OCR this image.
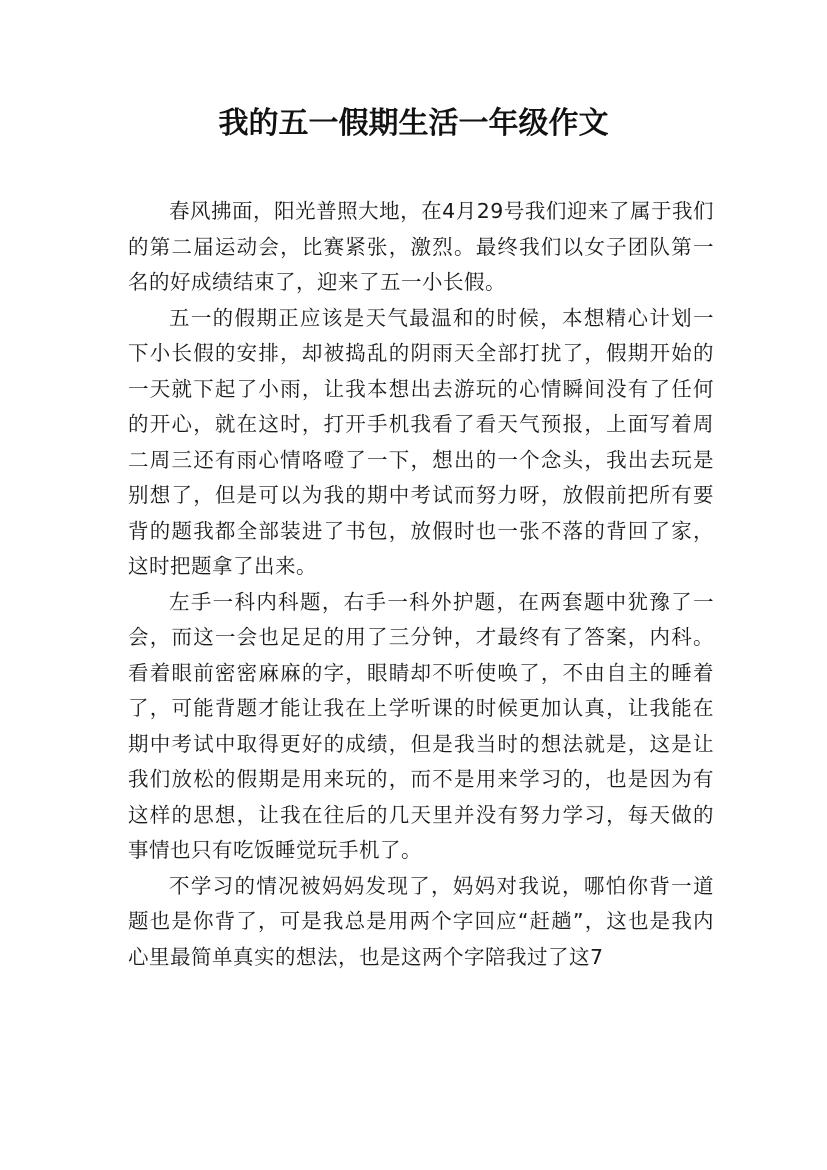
我的五一假期生活一年级作文

春风拂面，阳光普照大地，在4月29号我们迎来了属于我们的第二届运动会，比赛紧张，激烈。最终我们以女子团队第一名的好成绩结束了，迎来了五一小长假。

五一的假期正应该是天气最温和的时候，本想精心计划一下小长假的安排，却被捣乱的阴雨天全部打扰了，假期开始的一天就下起了小雨，让我本想出去游玩的心情瞬间没有了任何的开心，就在这时，打开手机我看了看天气预报，上面写着周二周三还有雨心情咯噔了一下，想出的一个念头，我出去玩是别想了，但是可以为我的期中考试而努力呀，放假前把所有要背的题我都全部装进了书包，放假时也一张不落的背回了家，这时把题拿了出来。

左手一科内科题，右手一科外护题，在两套题中犹豫了一会，而这一会也足足的用了三分钟，才最终有了答案，内科。看着眼前密密麻麻的字，眼睛却不听使唤了，不由自主的睡着了，可能背题才能让我在上学听课的时候更加认真，让我能在期中考试中取得更好的成绩，但是我当时的想法就是，这是让我们放松的假期是用来玩的，而不是用来学习的，也是因为有这样的思想，让我在往后的几天里并没有努力学习，每天做的事情也只有吃饭睡觉玩手机了。

不学习的情况被妈妈发现了，妈妈对我说，哪怕你背一道题也是你背了，可是我总是用两个字回应“赶趟”，这也是我内心里最简单真实的想法，也是这两个字陪我过了这7
